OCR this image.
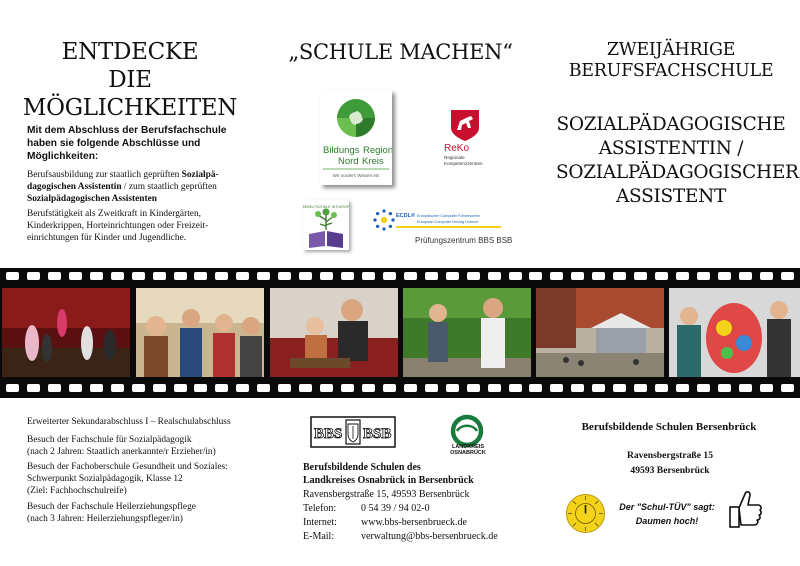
ENTDECKE
DIE MÖGLICHKEITEN
Mit dem Abschluss der Berufsfachschule haben sie folgende Abschlüsse und Möglichkeiten:
Berufsausbildung zur staatlich geprüften Sozialpä-dagogischen Assistentin / zum staatlich geprüften Sozialpädagogischen Assistenten
Berufstätigkeit als Zweitkraft in Kindergärten, Kinderkrippen, Horteinrichtungen oder Freizeit-einrichtungen für Kinder und Jugendliche.
„SCHULE MACHEN“
Bildungs Region
Nord Kreis
Wir nordern Wissen ein
ReKo
Regionale
Kompetenzzentren
UMWELTSCHULE IN EUROPA
ECDL® Europäischer Computer Führerschein
European Computer Driving Licence
Prüfungszentrum BBS BSB
ZWEIJÄHRIGE
BERUFSFACHSCHULE
SOZIALPÄDAGOGISCHE
ASSISTENTIN /
SOZIALPÄDAGOGISCHER
ASSISTENT
Erweiterter Sekundarabschluss I – Realschulabschluss
Besuch der Fachschule für Sozialpädagogik
(nach 2 Jahren: Staatlich anerkannte/r Erzieher/in)
Besuch der Fachoberschule Gesundheit und Soziales:
Schwerpunkt Sozialpädagogik, Klasse 12
(Ziel: Fachhochschulreife)
Besuch der Fachschule Heilerziehungspflege
(nach 3 Jahren: Heilerziehungspfleger/in)
BBS BSB
LANDKREIS
OSNABRÜCK
Berufsbildende Schulen des
Landkreises Osnabrück in Bersenbrück
Ravensbergstraße 15, 49593 Bersenbrück
Telefon: 0 54 39 / 94 02-0
Internet: www.bbs-bersenbrueck.de
E-Mail:	verwaltung@bbs-bersenbrueck.de
Berufsbildende Schulen Bersenbrück
Ravensbergstraße 15
49593 Bersenbrück
Der "Schul-TÜV" sagt:
Daumen hoch!
